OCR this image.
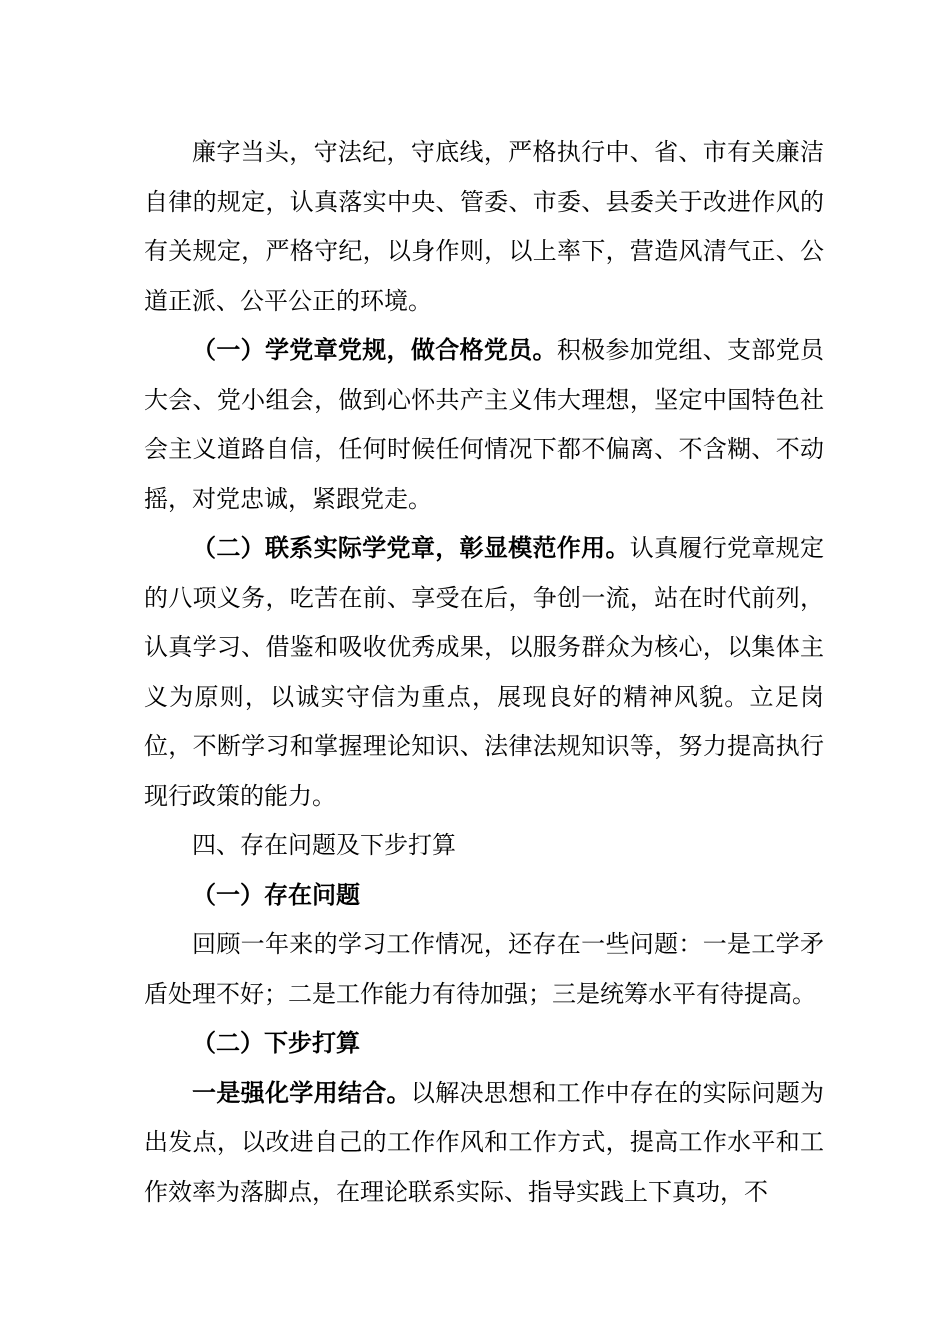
廉字当头，守法纪，守底线，严格执行中、省、市有关廉洁自律的规定，认真落实中央、管委、市委、县委关于改进作风的有关规定，严格守纪，以身作则，以上率下，营造风清气正、公道正派、公平公正的环境。

（一）学党章党规，做合格党员。积极参加党组、支部党员大会、党小组会，做到心怀共产主义伟大理想，坚定中国特色社会主义道路自信，任何时候任何情况下都不偏离、不含糊、不动摇，对党忠诚，紧跟党走。

（二）联系实际学党章，彰显模范作用。认真履行党章规定的八项义务，吃苦在前、享受在后，争创一流，站在时代前列，认真学习、借鉴和吸收优秀成果，以服务群众为核心，以集体主义为原则，以诚实守信为重点，展现良好的精神风貌。立足岗位，不断学习和掌握理论知识、法律法规知识等，努力提高执行现行政策的能力。

四、存在问题及下步打算

（一）存在问题

回顾一年来的学习工作情况，还存在一些问题：一是工学矛盾处理不好；二是工作能力有待加强；三是统筹水平有待提高。

（二）下步打算

一是强化学用结合。以解决思想和工作中存在的实际问题为出发点，以改进自己的工作作风和工作方式，提高工作水平和工作效率为落脚点，在理论联系实际、指导实践上下真功，不
